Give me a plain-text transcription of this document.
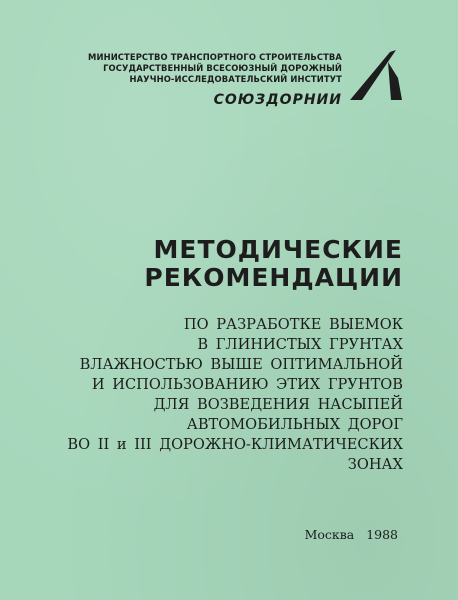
МИНИСТЕРСТВО ТРАНСПОРТНОГО СТРОИТЕЛЬСТВА
ГОСУДАРСТВЕННЫЙ ВСЕСОЮЗНЫЙ ДОРОЖНЫЙ
НАУЧНО-ИССЛЕДОВАТЕЛЬСКИЙ ИНСТИТУТ
СОЮЗДОРНИИ
МЕТОДИЧЕСКИЕ
РЕКОМЕНДАЦИИ
ПО РАЗРАБОТКЕ ВЫЕМОК
В ГЛИНИСТЫХ ГРУНТАХ
ВЛАЖНОСТЬЮ ВЫШЕ ОПТИМАЛЬНОЙ
И ИСПОЛЬЗОВАНИЮ ЭТИХ ГРУНТОВ
ДЛЯ ВОЗВЕДЕНИЯ НАСЫПЕЙ
АВТОМОБИЛЬНЫХ ДОРОГ
ВО II и III ДОРОЖНО-КЛИМАТИЧЕСКИХ
ЗОНАХ
Москва 1988
